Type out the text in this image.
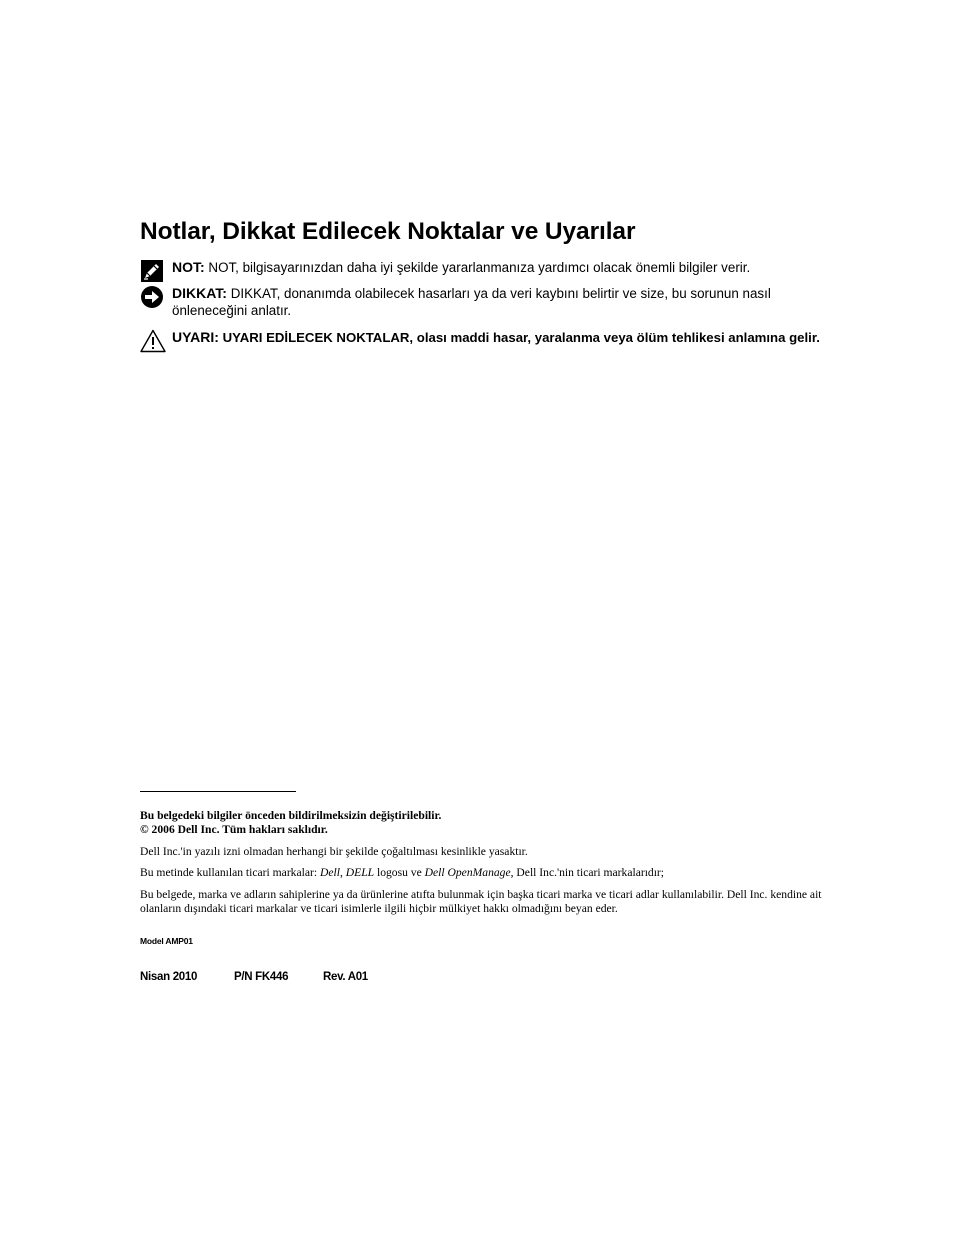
Notlar, Dikkat Edilecek Noktalar ve Uyarılar
NOT: NOT, bilgisayarınızdan daha iyi şekilde yararlanmanıza yardımcı olacak önemli bilgiler verir.
DIKKAT: DIKKAT, donanımda olabilecek hasarları ya da veri kaybını belirtir ve size, bu sorunun nasıl önleneceğini anlatır.
UYARI: UYARI EDİLECEK NOKTALAR, olası maddi hasar, yaralanma veya ölüm tehlikesi anlamına gelir.
Bu belgedeki bilgiler önceden bildirilmeksizin değiştirilebilir.
© 2006 Dell Inc. Tüm hakları saklıdır.
Dell Inc.'in yazılı izni olmadan herhangi bir şekilde çoğaltılması kesinlikle yasaktır.
Bu metinde kullanılan ticari markalar: Dell, DELL logosu ve Dell OpenManage, Dell Inc.'nin ticari markalarıdır;
Bu belgede, marka ve adların sahiplerine ya da ürünlerine atıfta bulunmak için başka ticari marka ve ticari adlar kullanılabilir. Dell Inc. kendine ait olanların dışındaki ticari markalar ve ticari isimlerle ilgili hiçbir mülkiyet hakkı olmadığını beyan eder.
Model AMP01
Nisan 2010	P/N FK446	Rev. A01
